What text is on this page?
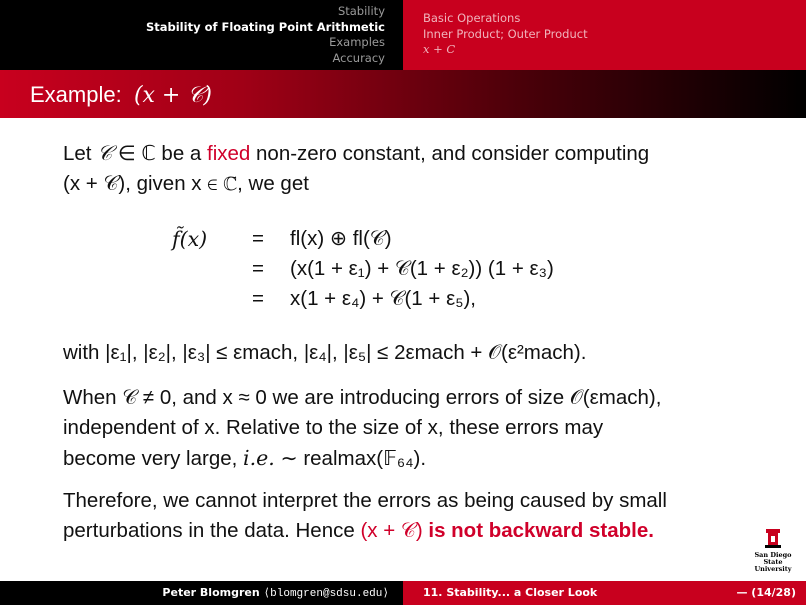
Stability
Stability of Floating Point Arithmetic
Examples
Accuracy
Basic Operations
Inner Product; Outer Product
x + C
Example: (x + 𝒞)

Let 𝒞 ∈ ℂ be a fixed non-zero constant, and consider computing

(x + 𝒞), given x ∈ ℂ, we get

f̃(x)	= fl(x) ⊕ fl(𝒞)
= (x(1 + ε₁) + 𝒞(1 + ε₂)) (1 + ε₃)
= x(1 + ε₄) + 𝒞(1 + ε₅),
with |ε₁|, |ε₂|, |ε₃| ≤ εmach, |ε₄|, |ε₅| ≤ 2εmach + 𝒪(ε²mach).
When 𝒞 ≠ 0, and x ≈ 0 we are introducing errors of size 𝒪(εmach),
independent of x. Relative to the size of x, these errors may
become very large, i.e. ∼ realmax(𝔽₆₄).
Therefore, we cannot interpret the errors as being caused by small
perturbations in the data. Hence (x + 𝒞) is not backward stable.
San Diego State
University
Peter Blomgren ⟨blomgren@sdsu.edu⟩	11. Stability... a Closer Look	— (14/28)
